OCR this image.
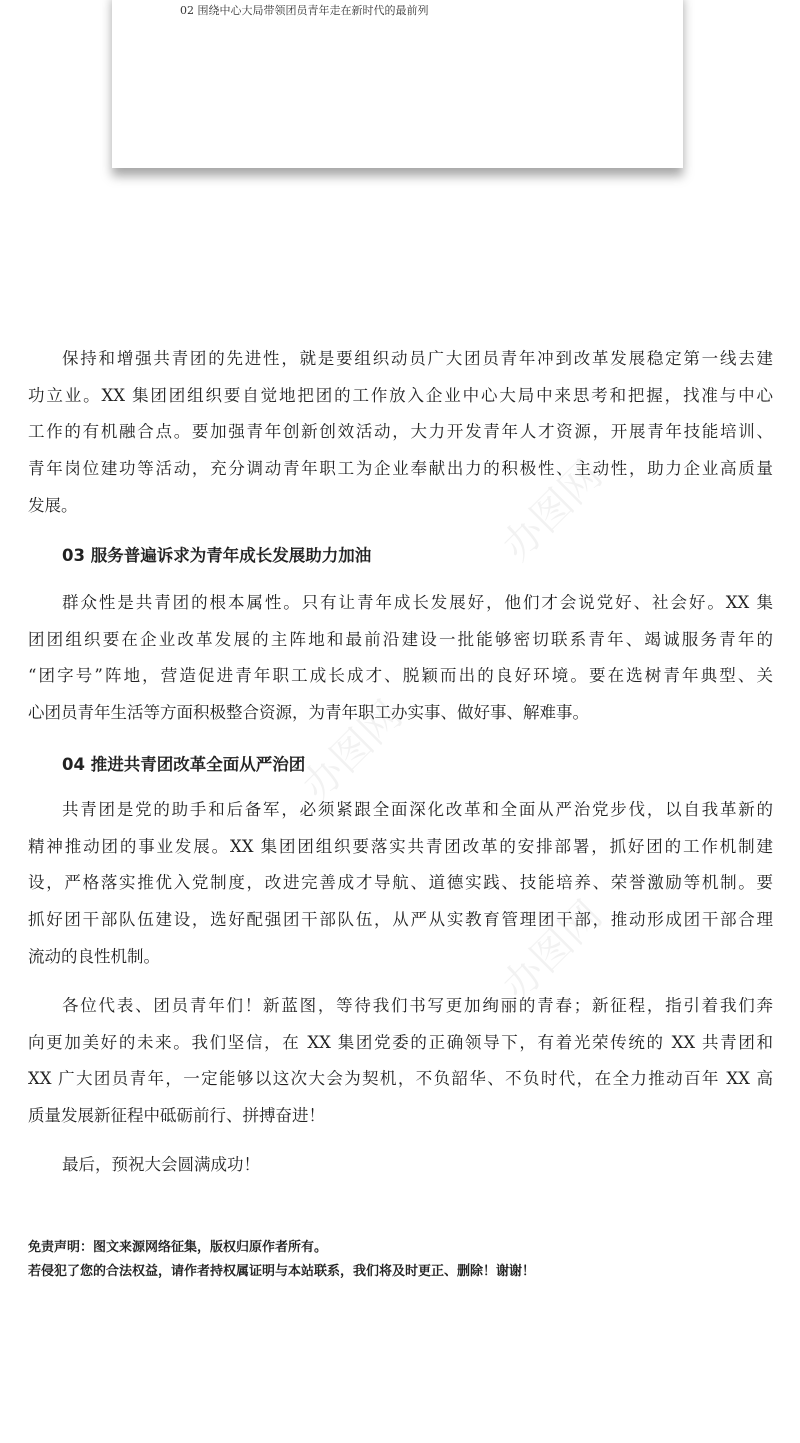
02 围绕中心大局带领团员青年走在新时代的最前列
办图网
办图网
办图网
保持和增强共青团的先进性，就是要组织动员广大团员青年冲到改革发展稳定第一线去建
功立业。XX 集团团组织要自觉地把团的工作放入企业中心大局中来思考和把握，找准与中心
工作的有机融合点。要加强青年创新创效活动，大力开发青年人才资源，开展青年技能培训、
青年岗位建功等活动，充分调动青年职工为企业奉献出力的积极性、主动性，助力企业高质量
发展。
03 服务普遍诉求为青年成长发展助力加油
群众性是共青团的根本属性。只有让青年成长发展好，他们才会说党好、社会好。XX 集
团团组织要在企业改革发展的主阵地和最前沿建设一批能够密切联系青年、竭诚服务青年的
“团字号”阵地，营造促进青年职工成长成才、脱颖而出的良好环境。要在选树青年典型、关
心团员青年生活等方面积极整合资源，为青年职工办实事、做好事、解难事。
04 推进共青团改革全面从严治团
共青团是党的助手和后备军，必须紧跟全面深化改革和全面从严治党步伐，以自我革新的
精神推动团的事业发展。XX 集团团组织要落实共青团改革的安排部署，抓好团的工作机制建
设，严格落实推优入党制度，改进完善成才导航、道德实践、技能培养、荣誉激励等机制。要
抓好团干部队伍建设，选好配强团干部队伍，从严从实教育管理团干部，推动形成团干部合理
流动的良性机制。
各位代表、团员青年们！新蓝图，等待我们书写更加绚丽的青春；新征程，指引着我们奔
向更加美好的未来。我们坚信，在 XX 集团党委的正确领导下，有着光荣传统的 XX 共青团和
XX 广大团员青年，一定能够以这次大会为契机，不负韶华、不负时代，在全力推动百年 XX 高
质量发展新征程中砥砺前行、拼搏奋进！
最后，预祝大会圆满成功！
免责声明：图文来源网络征集，版权归原作者所有。
若侵犯了您的合法权益，请作者持权属证明与本站联系，我们将及时更正、删除！谢谢！
